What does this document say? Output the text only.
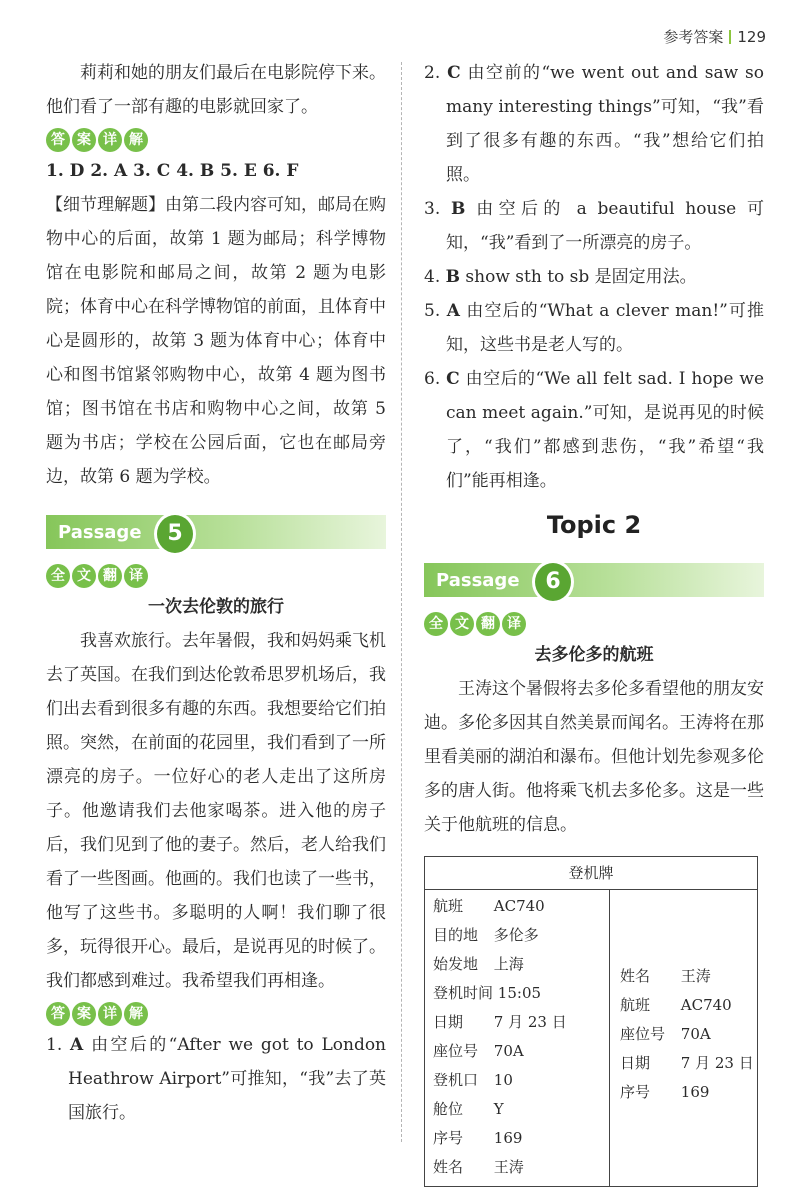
参考答案 129

莉莉和她的朋友们最后在电影院停下来。他们看了一部有趣的电影就回家了。

答 案 详 解

1. D 2. A 3. C 4. B 5. E 6. F

【细节理解题】由第二段内容可知，邮局在购物中心的后面，故第 1 题为邮局；科学博物馆在电影院和邮局之间，故第 2 题为电影院；体育中心在科学博物馆的前面，且体育中心是圆形的，故第 3 题为体育中心；体育中心和图书馆紧邻购物中心，故第 4 题为图书馆；图书馆在书店和购物中心之间，故第 5 题为书店；学校在公园后面，它也在邮局旁边，故第 6 题为学校。

Passage	5
全 文 翻 译

一次去伦敦的旅行

我喜欢旅行。去年暑假，我和妈妈乘飞机去了英国。在我们到达伦敦希思罗机场后，我们出去看到很多有趣的东西。我想要给它们拍照。突然，在前面的花园里，我们看到了一所漂亮的房子。一位好心的老人走出了这所房子。他邀请我们去他家喝茶。进入他的房子后，我们见到了他的妻子。然后，老人给我们看了一些图画。他画的。我们也读了一些书，他写了这些书。多聪明的人啊！我们聊了很多，玩得很开心。最后，是说再见的时候了。我们都感到难过。我希望我们再相逢。

答 案 详 解

1. A 由空后的“After we got to London Heathrow Airport”可推知，“我”去了英国旅行。

2. C 由空前的“we went out and saw so many interesting things”可知，“我”看到了很多有趣的东西。“我”想给它们拍照。

3. B 由空后的 a beautiful house 可知，“我”看到了一所漂亮的房子。

4. B show sth to sb 是固定用法。

5. A 由空后的“What a clever man!”可推知，这些书是老人写的。

6. C 由空后的“We all felt sad. I hope we can meet again.”可知，是说再见的时候了，“我们”都感到悲伤，“我”希望“我们”能再相逢。

Topic 2
Passage	6
全 文 翻 译

去多伦多的航班

王涛这个暑假将去多伦多看望他的朋友安迪。多伦多因其自然美景而闻名。王涛将在那里看美丽的湖泊和瀑布。但他计划先参观多伦多的唐人街。他将乘飞机去多伦多。这是一些关于他航班的信息。

登机牌
航班 AC740
目的地 多伦多
始发地 上海
登机时间 15:05
日期 7 月 23 日
座位号 70A
登机口 10
舱位 Y
序号 169
姓名 王涛
姓名 王涛
航班 AC740
座位号 70A
日期 7 月 23 日
序号 169
